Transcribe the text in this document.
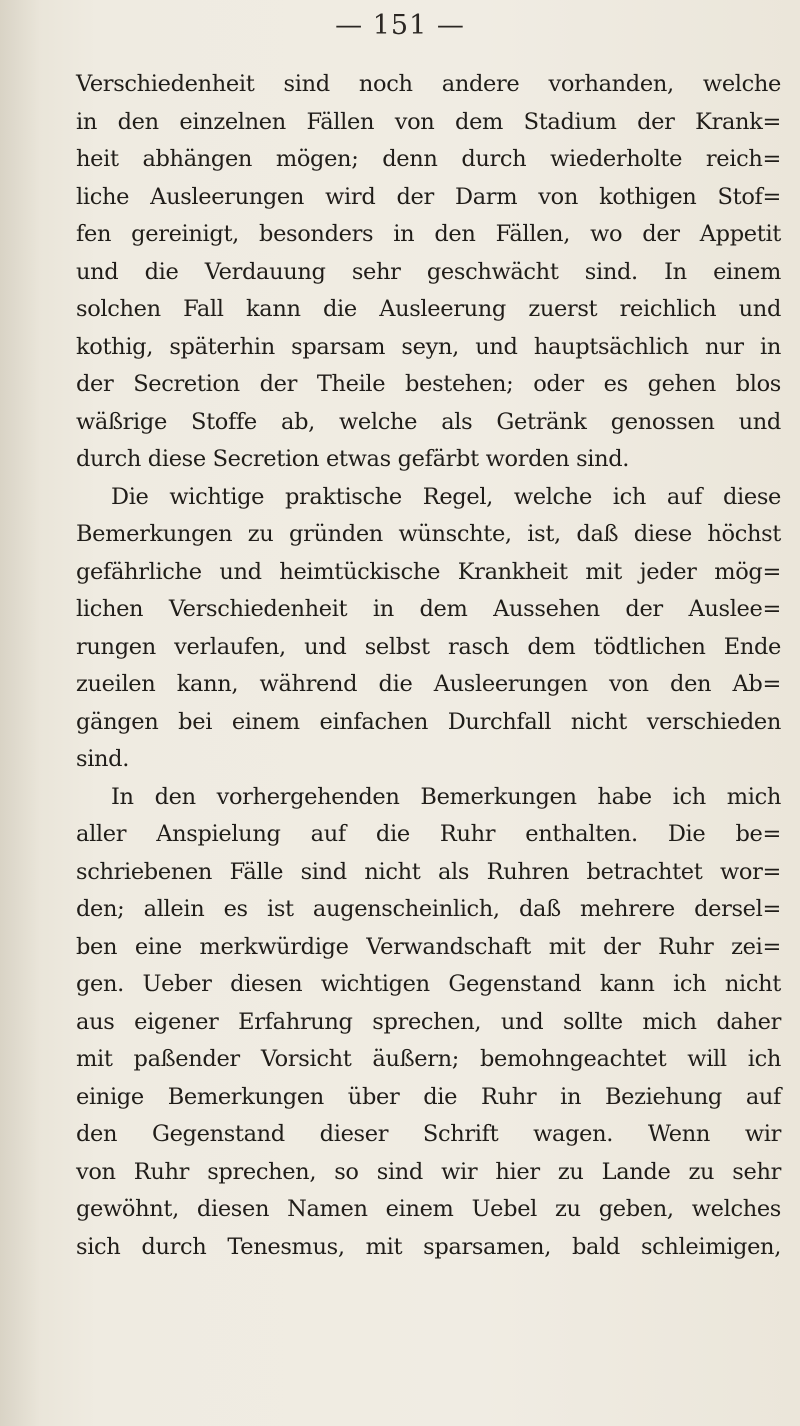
— 151 —
Verschiedenheit sind noch andere vorhanden, welche
in den einzelnen Fällen von dem Stadium der Krank=
heit abhängen mögen; denn durch wiederholte reich=
liche Ausleerungen wird der Darm von kothigen Stof=
fen gereinigt, besonders in den Fällen, wo der Appetit
und die Verdauung sehr geschwächt sind. In einem
solchen Fall kann die Ausleerung zuerst reichlich und
kothig, späterhin sparsam seyn, und hauptsächlich nur in
der Secretion der Theile bestehen; oder es gehen blos
wäßrige Stoffe ab, welche als Getränk genossen und
durch diese Secretion etwas gefärbt worden sind.
Die wichtige praktische Regel, welche ich auf diese
Bemerkungen zu gründen wünschte, ist, daß diese höchst
gefährliche und heimtückische Krankheit mit jeder mög=
lichen Verschiedenheit in dem Aussehen der Auslee=
rungen verlaufen, und selbst rasch dem tödtlichen Ende
zueilen kann, während die Ausleerungen von den Ab=
gängen bei einem einfachen Durchfall nicht verschieden
sind.
In den vorhergehenden Bemerkungen habe ich mich
aller Anspielung auf die Ruhr enthalten. Die be=
schriebenen Fälle sind nicht als Ruhren betrachtet wor=
den; allein es ist augenscheinlich, daß mehrere dersel=
ben eine merkwürdige Verwandschaft mit der Ruhr zei=
gen. Ueber diesen wichtigen Gegenstand kann ich nicht
aus eigener Erfahrung sprechen, und sollte mich daher
mit paßender Vorsicht äußern; bemohngeachtet will ich
einige Bemerkungen über die Ruhr in Beziehung auf
den Gegenstand dieser Schrift wagen. Wenn wir
von Ruhr sprechen, so sind wir hier zu Lande zu sehr
gewöhnt, diesen Namen einem Uebel zu geben, welches
sich durch Tenesmus, mit sparsamen, bald schleimigen,
